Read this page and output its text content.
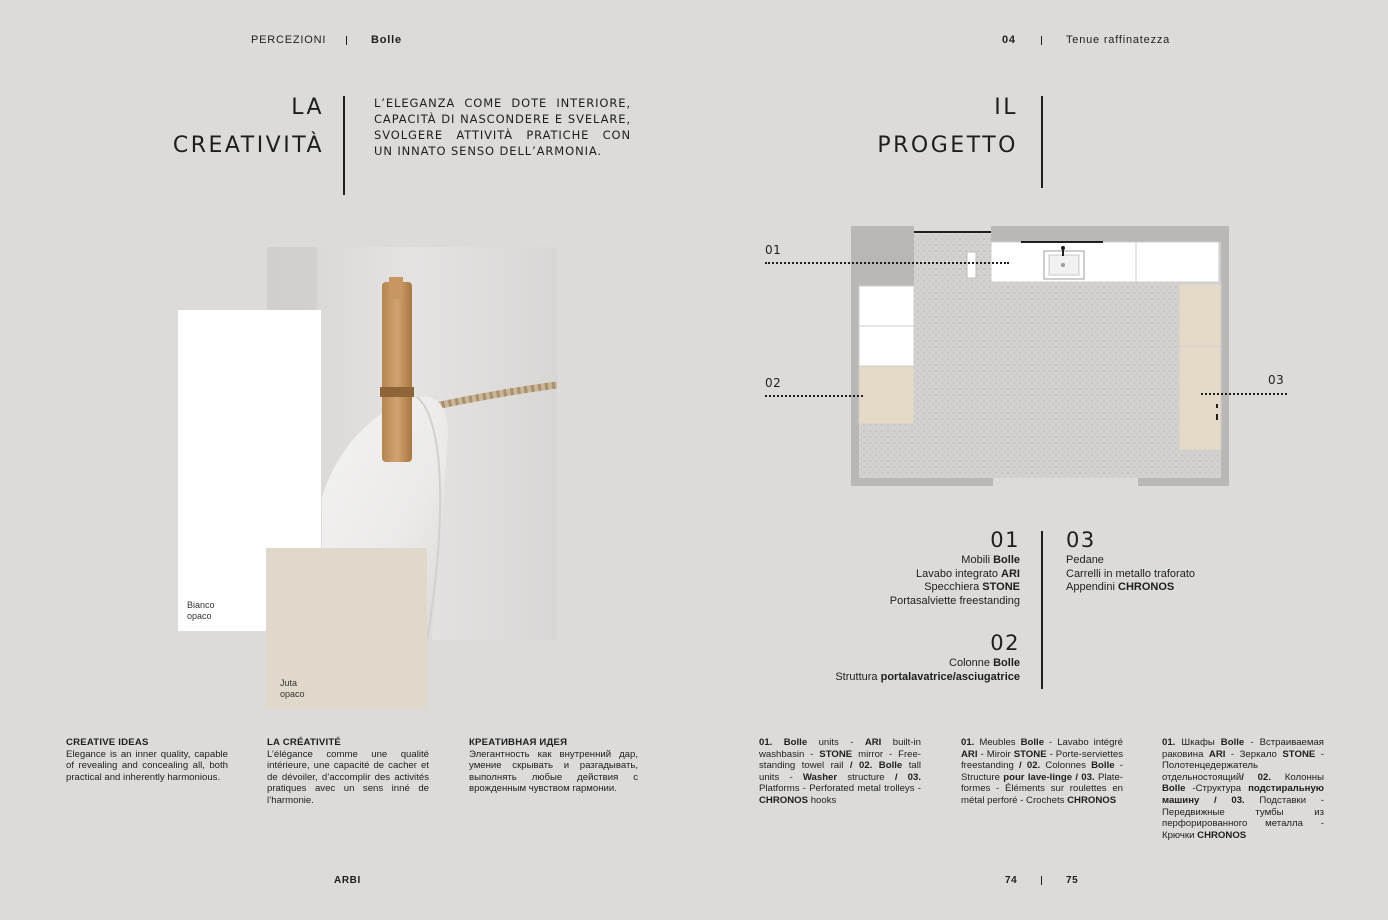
PERCEZIONI	Bolle	04	Tenue raffinatezza
LA
CREATIVITÀ
L’ELEGANZA COME DOTE INTERIORE,
CAPACITÀ DI NASCONDERE E SVELARE,
SVOLGERE ATTIVITÀ PRATICHE CON
UN INNATO SENSO DELL’ARMONIA.
Bianco
opaco
Juta
opaco
CREATIVE IDEAS
Elegance is an inner quality, capable of revealing and concealing all, both practical and inherently harmonious.
LA CRÉATIVITÉ
L’élégance comme une qualité intérieure, une capacité de cacher et de dévoiler, d’accomplir des activités pratiques avec un sens inné de l’harmonie.
КРЕАТИВНАЯ ИДЕЯ
Элегантность как внутренний дар, умение скрывать и разгадывать, выполнять любые действия с врожденным чувством гармонии.
ARBI
IL
PROGETTO
01
02	03
01
Mobili Bolle
Lavabo integrato ARI
Specchiera STONE
Portasalviette freestanding
02
Colonne Bolle
Struttura portalavatrice/asciugatrice
03
Pedane
Carrelli in metallo traforato
Appendini CHRONOS
01. Bolle units - ARI built-in washbasin - STONE mirror - Free-standing towel rail / 02. Bolle tall units - Washer structure / 03. Platforms - Perforated metal trolleys - CHRONOS hooks
01. Meubles Bolle - Lavabo intégré ARI - Miroir STONE - Porte-serviettes freestanding / 02. Colonnes Bolle - Structure pour lave-linge / 03. Plate-formes - Éléments sur roulettes en métal perforé - Crochets CHRONOS
01. Шкафы Bolle - Встраиваемая раковина ARI - Зеркало STONE - Полотенцедержатель отдельностоящий/ 02. Колонны Bolle -Структура подстиральную машину / 03. Подставки - Передвижные тумбы из перфорированного металла - Крючки CHRONOS
74	75
